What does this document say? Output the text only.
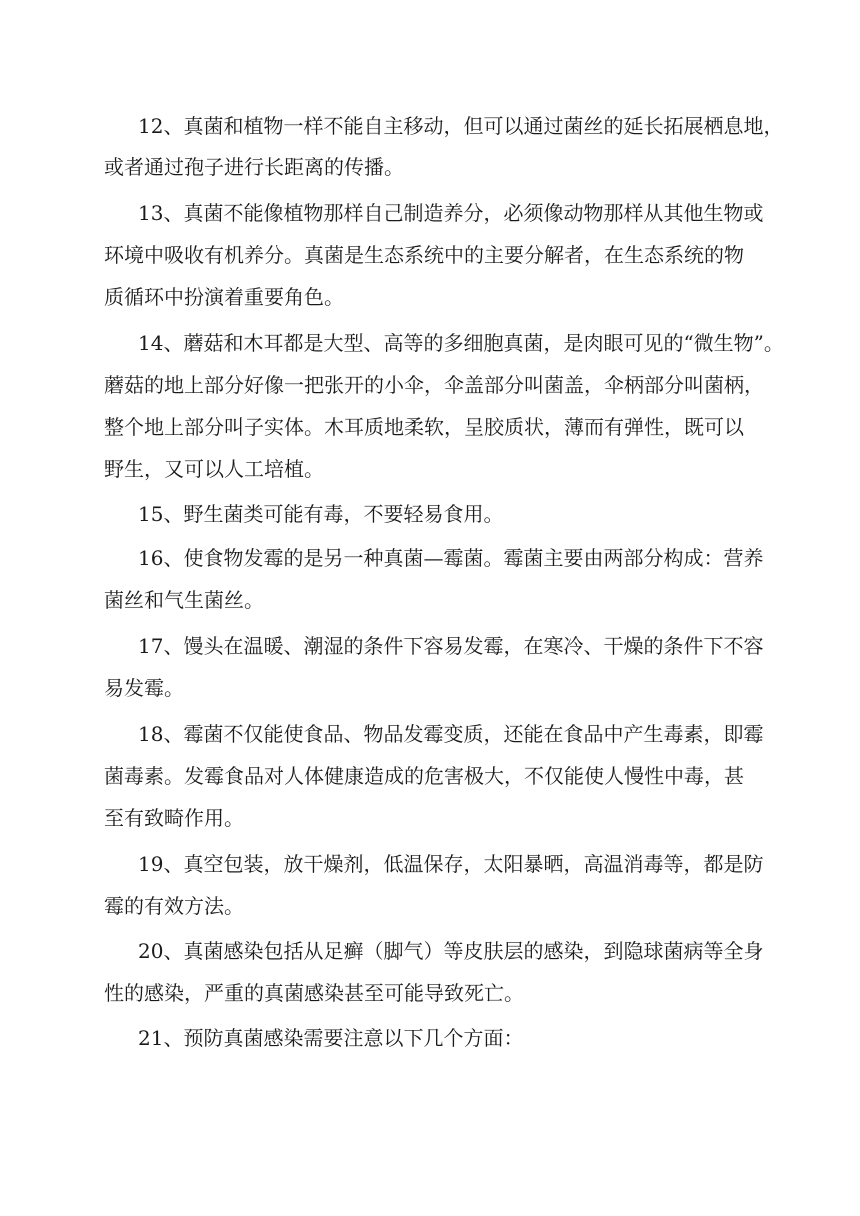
12、真菌和植物一样不能自主移动，但可以通过菌丝的延长拓展栖息地，
或者通过孢子进行长距离的传播。
13、真菌不能像植物那样自己制造养分，必须像动物那样从其他生物或
环境中吸收有机养分。真菌是生态系统中的主要分解者，在生态系统的物
质循环中扮演着重要角色。
14、蘑菇和木耳都是大型、高等的多细胞真菌，是肉眼可见的“微生物”。
蘑菇的地上部分好像一把张开的小伞，伞盖部分叫菌盖，伞柄部分叫菌柄，
整个地上部分叫子实体。木耳质地柔软，呈胶质状，薄而有弹性，既可以
野生，又可以人工培植。
15、野生菌类可能有毒，不要轻易食用。
16、使食物发霉的是另一种真菌—霉菌。霉菌主要由两部分构成：营养
菌丝和气生菌丝。
17、馒头在温暖、潮湿的条件下容易发霉，在寒冷、干燥的条件下不容
易发霉。
18、霉菌不仅能使食品、物品发霉变质，还能在食品中产生毒素，即霉
菌毒素。发霉食品对人体健康造成的危害极大，不仅能使人慢性中毒，甚
至有致畸作用。
19、真空包装，放干燥剂，低温保存，太阳暴晒，高温消毒等，都是防
霉的有效方法。
20、真菌感染包括从足癣（脚气）等皮肤层的感染，到隐球菌病等全身
性的感染，严重的真菌感染甚至可能导致死亡。
21、预防真菌感染需要注意以下几个方面：
